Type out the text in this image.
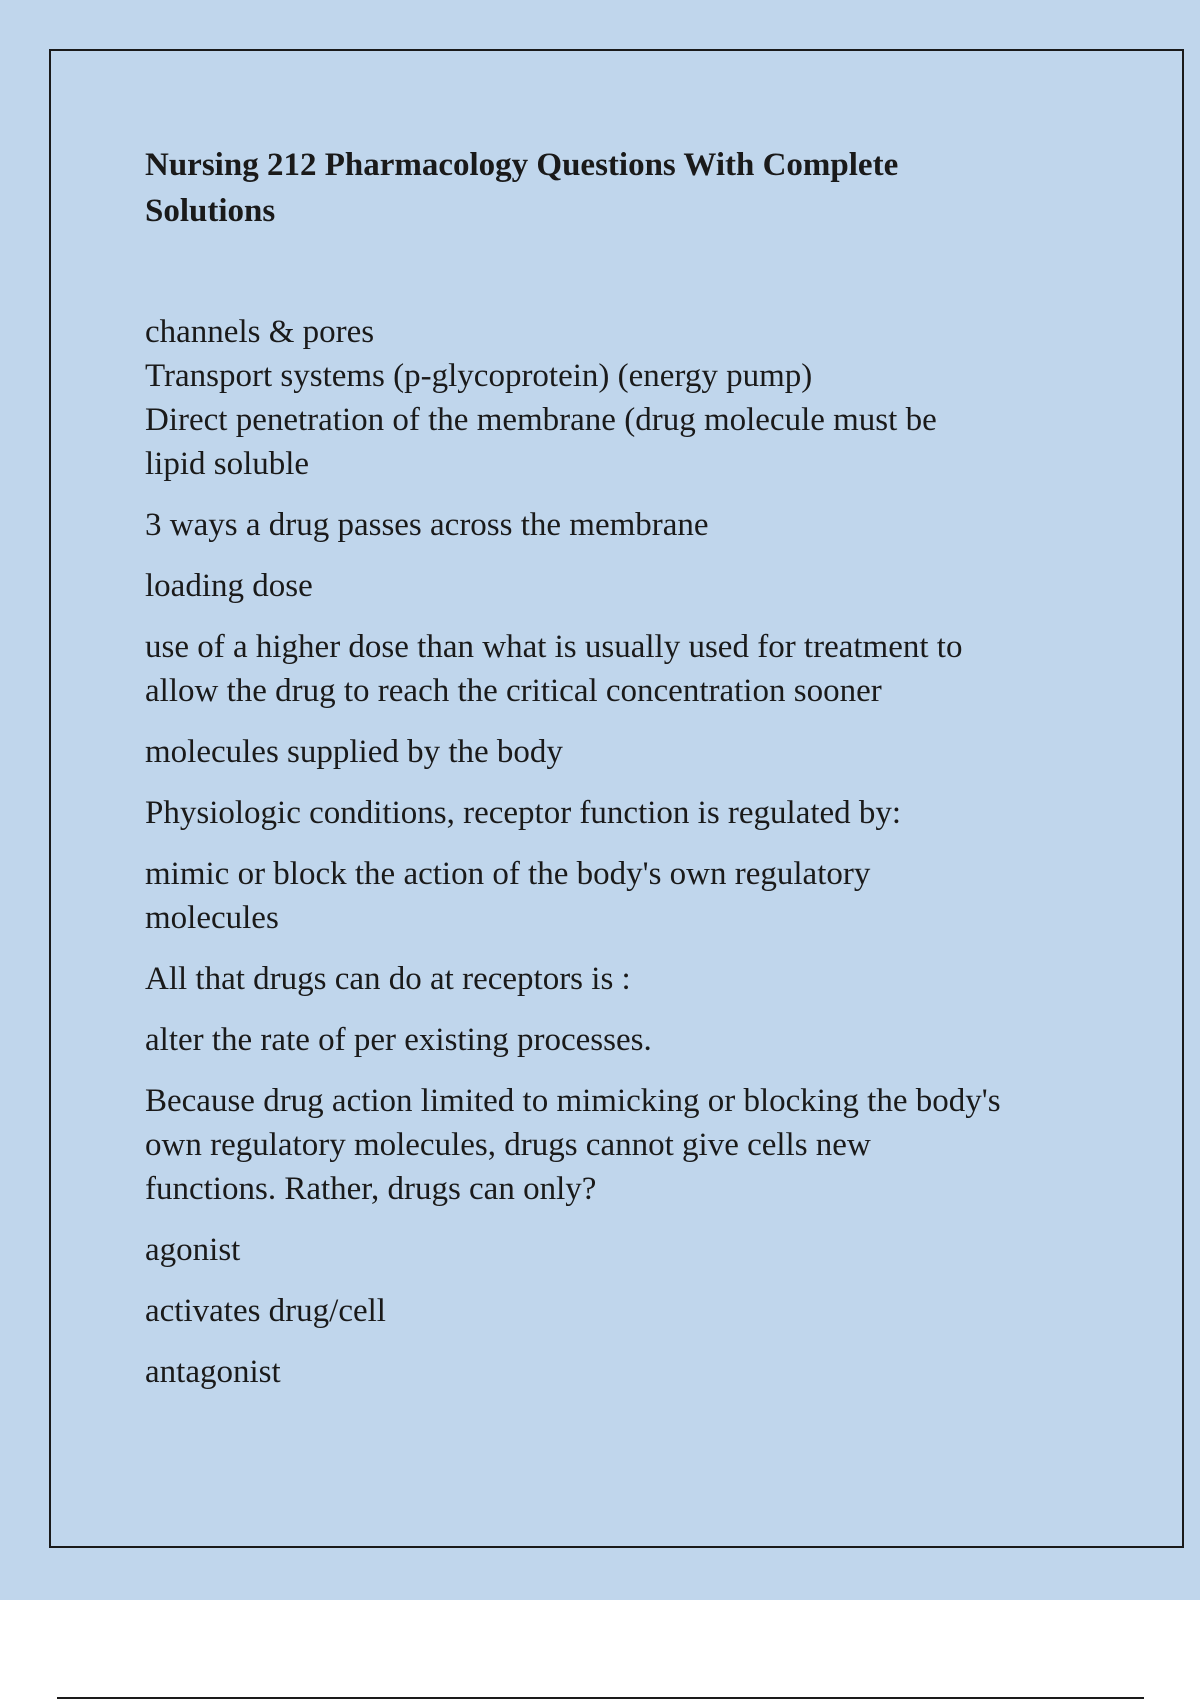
Nursing 212 Pharmacology Questions With Complete
Solutions

channels & pores
Transport systems (p-glycoprotein) (energy pump)
Direct penetration of the membrane (drug molecule must be
lipid soluble

3 ways a drug passes across the membrane

loading dose

use of a higher dose than what is usually used for treatment to
allow the drug to reach the critical concentration sooner

molecules supplied by the body

Physiologic conditions, receptor function is regulated by:

mimic or block the action of the body's own regulatory
molecules

All that drugs can do at receptors is :

alter the rate of per existing processes.

Because drug action limited to mimicking or blocking the body's
own regulatory molecules, drugs cannot give cells new
functions. Rather, drugs can only?

agonist

activates drug/cell

antagonist
